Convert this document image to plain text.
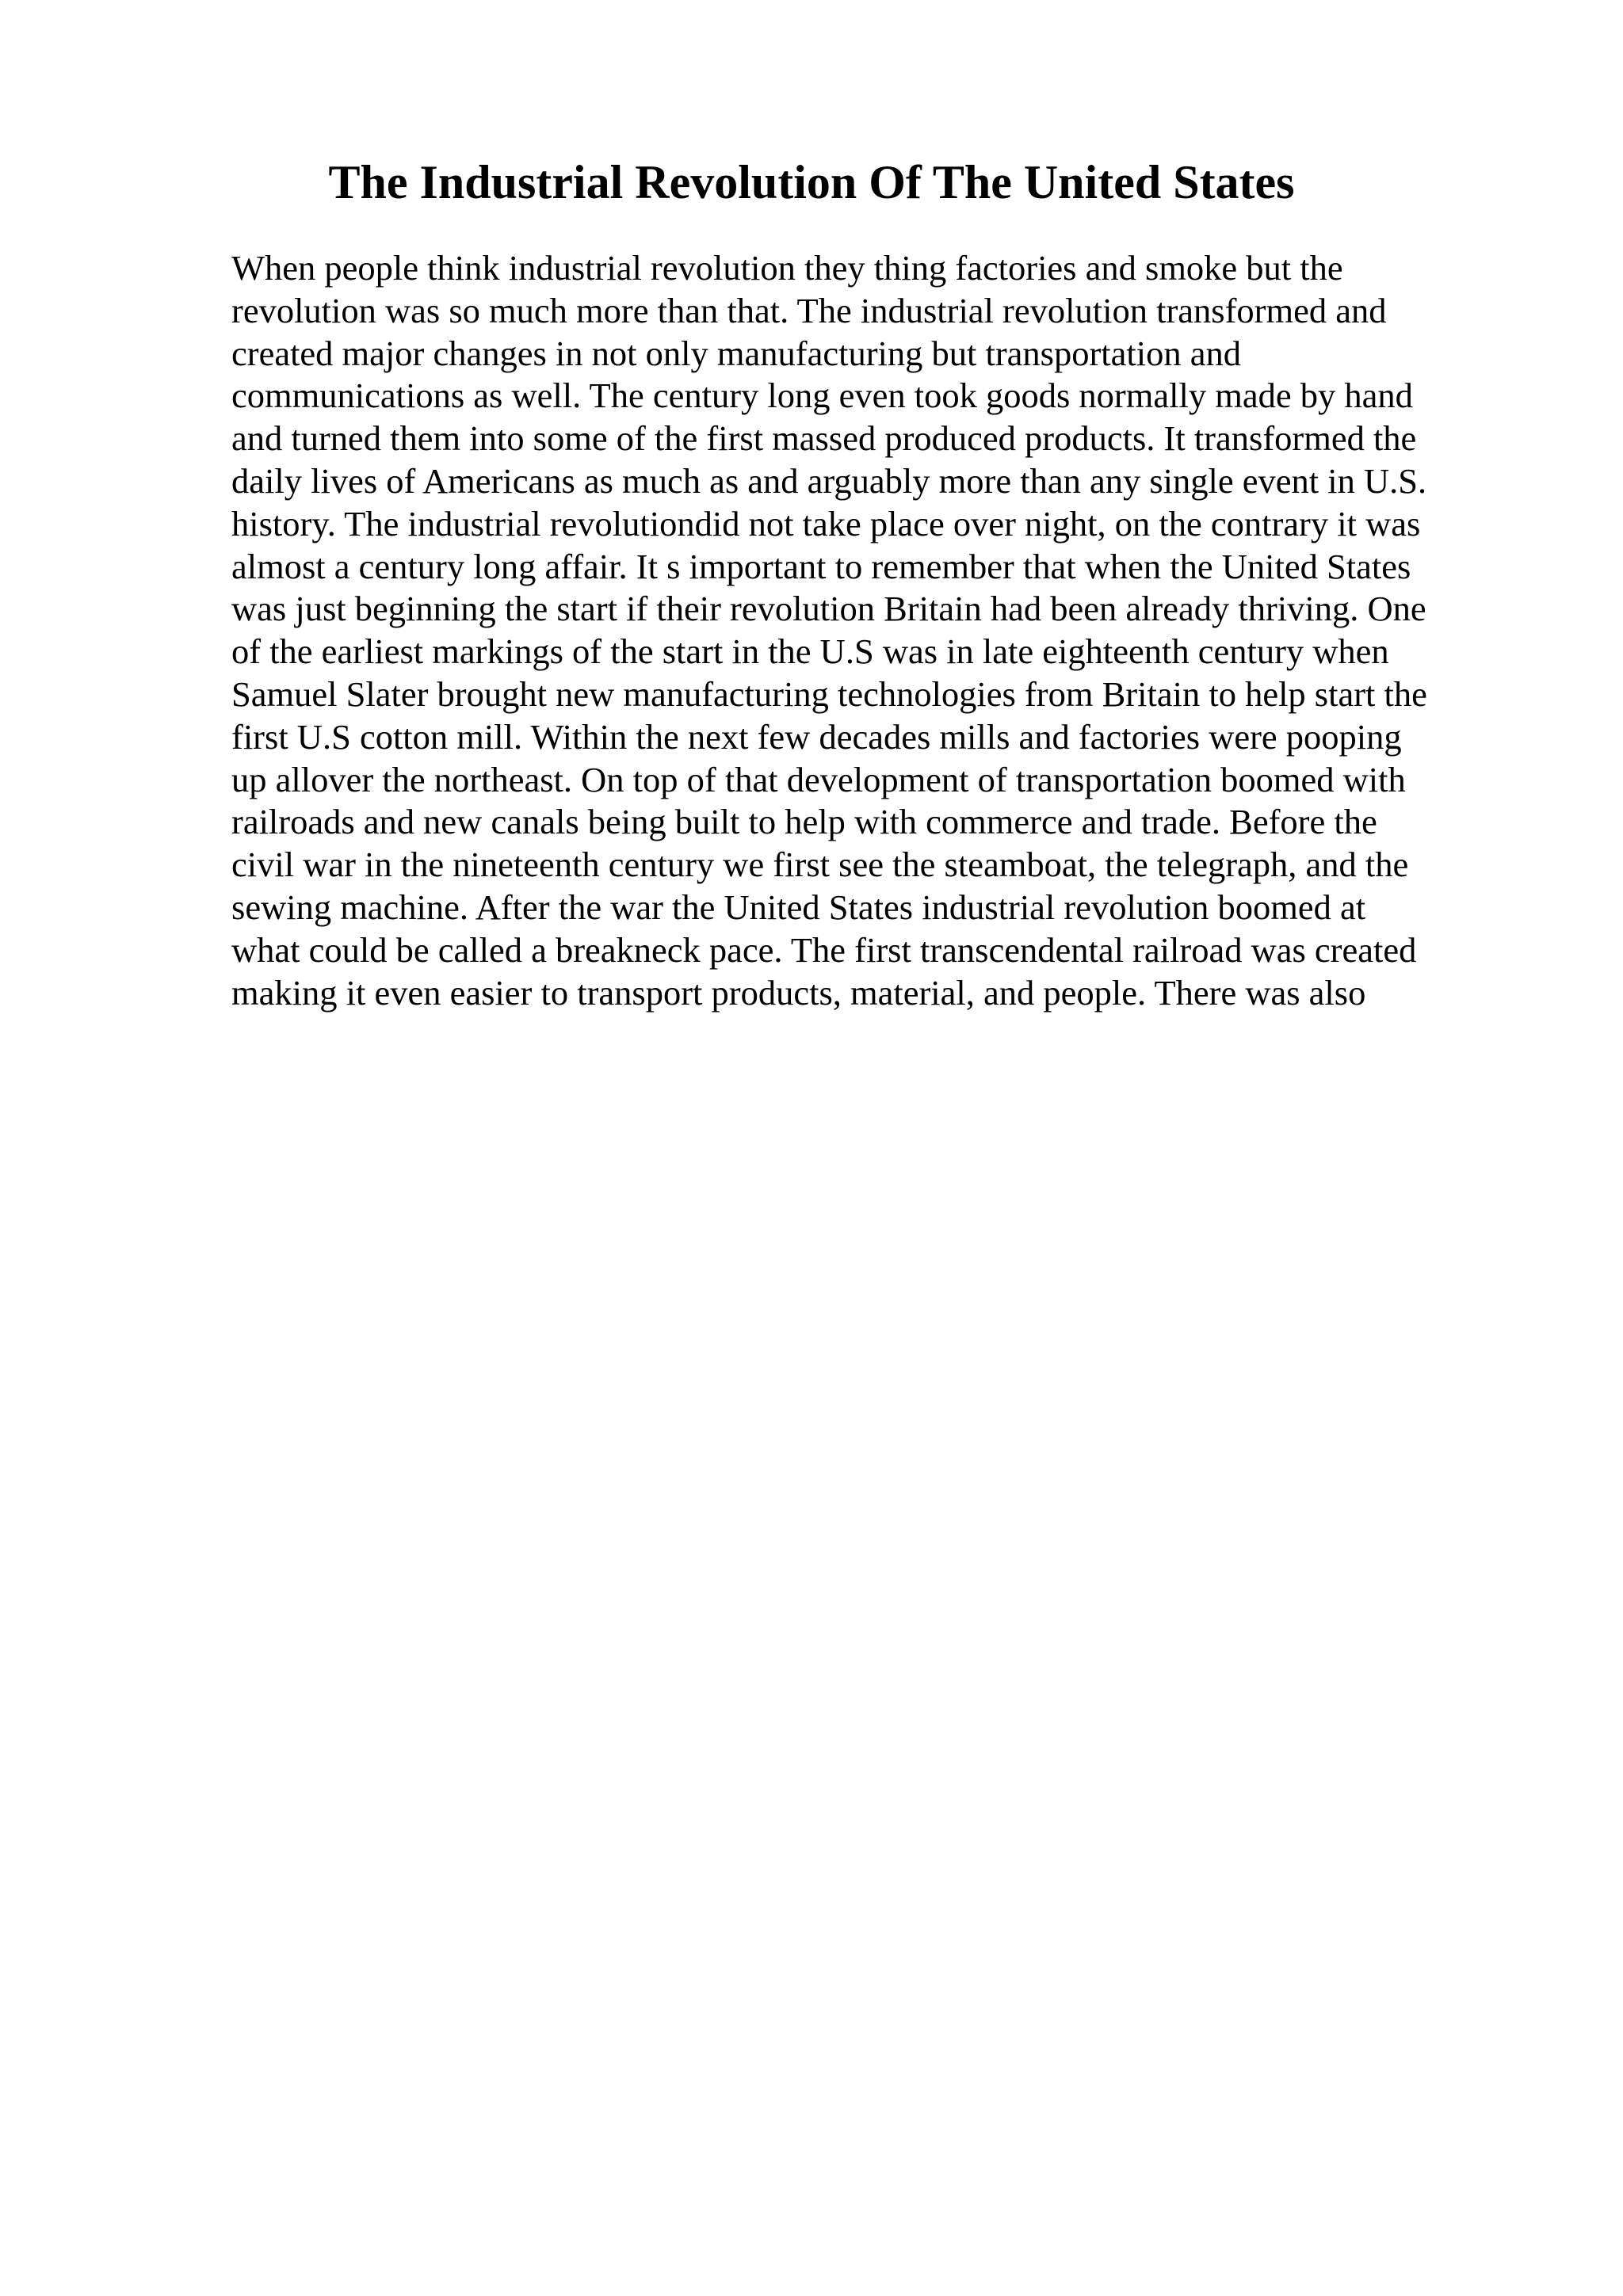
The Industrial Revolution Of The United States
When people think industrial revolution they thing factories and smoke but the
revolution was so much more than that. The industrial revolution transformed and
created major changes in not only manufacturing but transportation and
communications as well. The century long even took goods normally made by hand
and turned them into some of the first massed produced products. It transformed the
daily lives of Americans as much as and arguably more than any single event in U.S.
history. The industrial revolutiondid not take place over night, on the contrary it was
almost a century long affair. It s important to remember that when the United States
was just beginning the start if their revolution Britain had been already thriving. One
of the earliest markings of the start in the U.S was in late eighteenth century when
Samuel Slater brought new manufacturing technologies from Britain to help start the
first U.S cotton mill. Within the next few decades mills and factories were pooping
up allover the northeast. On top of that development of transportation boomed with
railroads and new canals being built to help with commerce and trade. Before the
civil war in the nineteenth century we first see the steamboat, the telegraph, and the
sewing machine. After the war the United States industrial revolution boomed at
what could be called a breakneck pace. The first transcendental railroad was created
making it even easier to transport products, material, and people. There was also
